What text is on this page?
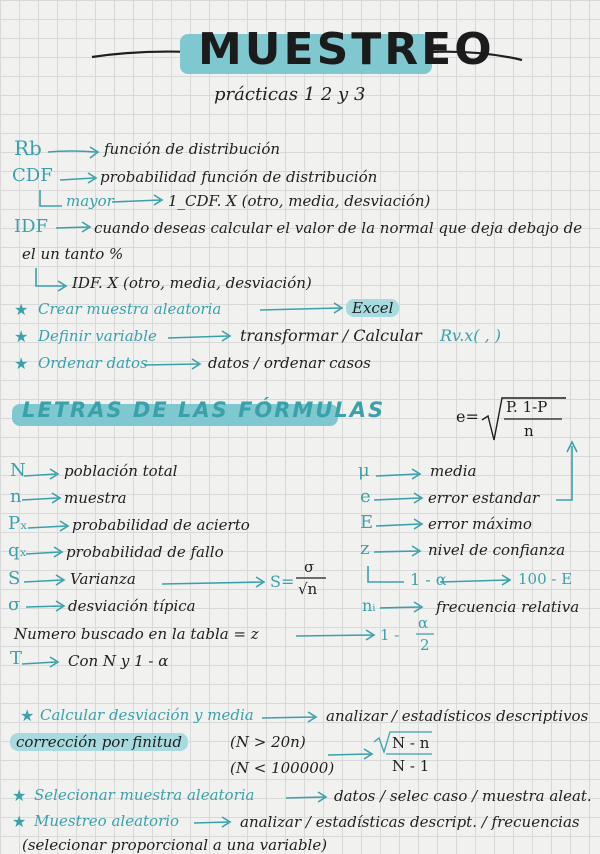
MUESTREO
prácticas 1 2 y 3
Rb	función de distribución
CDF	probabilidad función de distribución
mayor	1_CDF. X (otro, media, desviación)
IDF	cuando deseas calcular el valor de la normal que deja debajo de
el un tanto %
IDF. X (otro, media, desviación)
★ Crear muestra aleatoria	Excel
★ Definir variable	transformar / Calcular Rv.x( , )
★ Ordenar datos	datos / ordenar casos
LETRAS DE LAS FÓRMULAS	e= P. 1-P
n
N	población total
n	muestra
Pₓ	probabilidad de acierto
qₓ	probabilidad de fallo
S	Varianza
σ	desviación típica
S=
σ
√n
μ	media
e	error estandar
E	error máximo
z	nivel de confianza
1 - α	100 - E
nᵢ	frecuencia relativa
Numero buscado en la tabla = z	1 -
α
2
T	Con N y 1 - α
★ Calcular desviación y media	analizar / estadísticos descriptivos
corrección por finitud	(N > 20n)
(N < 100000)
N - n
N - 1
★ Selecionar muestra aleatoria	datos / selec caso / muestra aleat.
★ Muestreo aleatorio	analizar / estadísticas descript. / frecuencias
(selecionar proporcional a una variable)
